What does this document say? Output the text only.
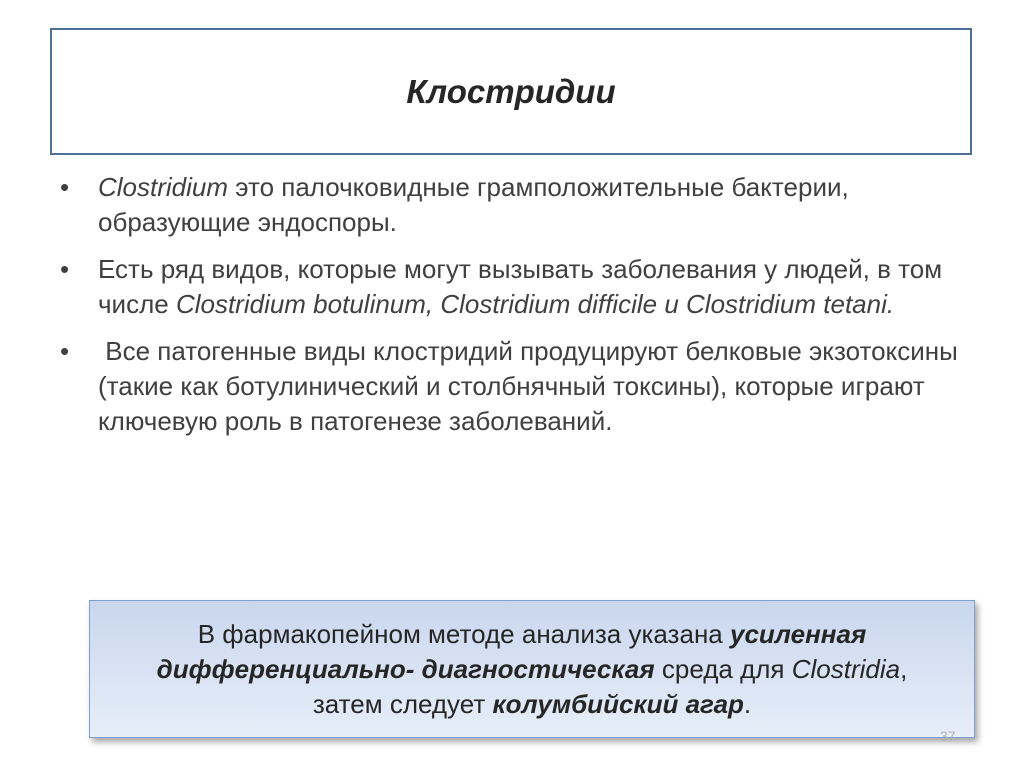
Клостридии
•	Clostridium это палочковидные грамположительные бактерии, образующие эндоспоры.
•	Есть ряд видов, которые могут вызывать заболевания у людей, в том числе Clostridium botulinum, Clostridium difficile и Clostridium tetani.
•	Все патогенные виды клостридий продуцируют белковые экзотоксины (такие как ботулинический и столбнячный токсины), которые играют ключевую роль в патогенезе заболеваний.
В фармакопейном методе анализа указана усиленная дифференциально- диагностическая среда для Clostridia, затем следует колумбийский агар.
37
